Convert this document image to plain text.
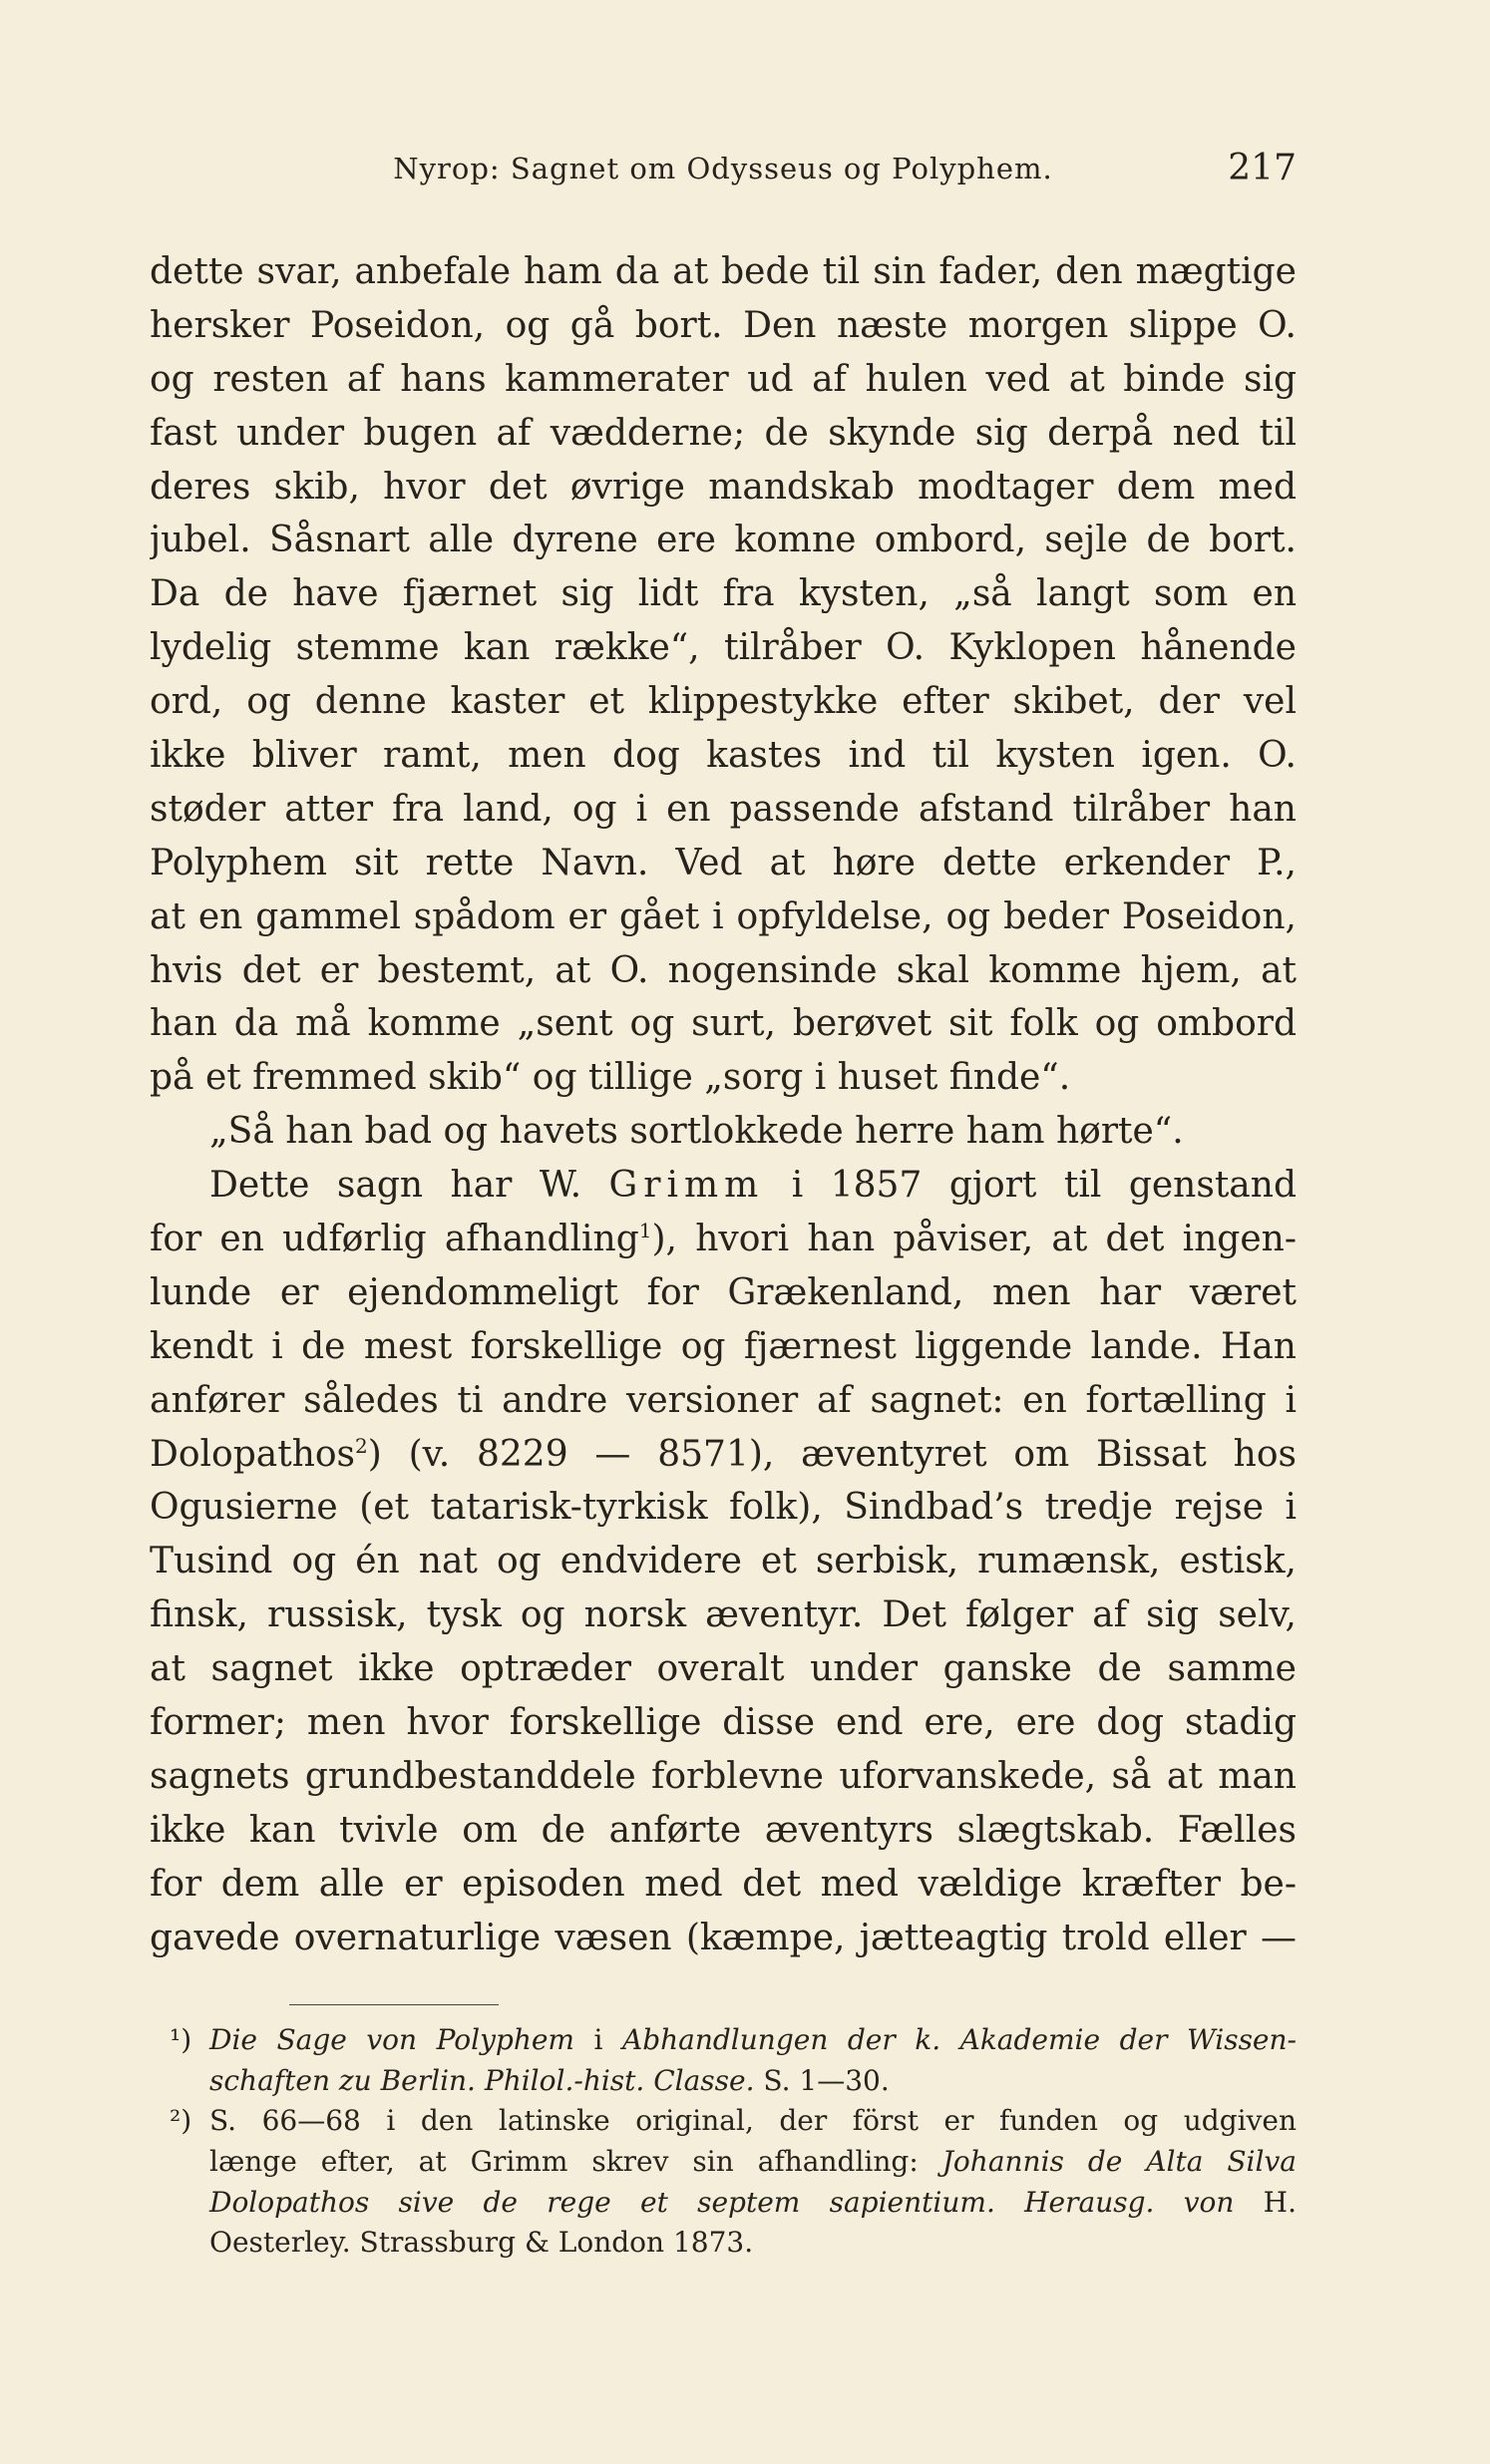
Nyrop: Sagnet om Odysseus og Polyphem.	217
dette svar, anbefale ham da at bede til sin fader, den mægtige
hersker Poseidon, og gå bort. Den næste morgen slippe O.
og resten af hans kammerater ud af hulen ved at binde sig
fast under bugen af vædderne; de skynde sig derpå ned til
deres skib, hvor det øvrige mandskab modtager dem med
jubel. Såsnart alle dyrene ere komne ombord, sejle de bort.
Da de have fjærnet sig lidt fra kysten, „så langt som en
lydelig stemme kan række“, tilråber O. Kyklopen hånende
ord, og denne kaster et klippestykke efter skibet, der vel
ikke bliver ramt, men dog kastes ind til kysten igen. O.
støder atter fra land, og i en passende afstand tilråber han
Polyphem sit rette Navn. Ved at høre dette erkender P.,
at en gammel spådom er gået i opfyldelse, og beder Poseidon,
hvis det er bestemt, at O. nogensinde skal komme hjem, at
han da må komme „sent og surt, berøvet sit folk og ombord
på et fremmed skib“ og tillige „sorg i huset finde“.
„Så han bad og havets sortlokkede herre ham hørte“.
Dette sagn har W. Grimm i 1857 gjort til genstand
for en udførlig afhandling$^1$), hvori han påviser, at det ingen-
lunde er ejendommeligt for Grækenland, men har været
kendt i de mest forskellige og fjærnest liggende lande. Han
anfører således ti andre versioner af sagnet: en fortælling i
Dolopathos$^2$) (v. 8229 — 8571), æventyret om Bissat hos
Ogusierne (et tatarisk-tyrkisk folk), Sindbad’s tredje rejse i
Tusind og én nat og endvidere et serbisk, rumænsk, estisk,
finsk, russisk, tysk og norsk æventyr. Det følger af sig selv,
at sagnet ikke optræder overalt under ganske de samme
former; men hvor forskellige disse end ere, ere dog stadig
sagnets grundbestanddele forblevne uforvanskede, så at man
ikke kan tvivle om de anførte æventyrs slægtskab. Fælles
for dem alle er episoden med det med vældige kræfter be-
gavede overnaturlige væsen (kæmpe, jætteagtig trold eller —
¹) Die Sage von Polyphem i Abhandlungen der k. Akademie der Wissen-
schaften zu Berlin. Philol.-hist. Classe. S. 1—30.
²) S. 66—68 i den latinske original, der först er funden og udgiven
længe efter, at Grimm skrev sin afhandling: Johannis de Alta Silva
Dolopathos sive de rege et septem sapientium. Herausg. von H.
Oesterley. Strassburg & London 1873.
